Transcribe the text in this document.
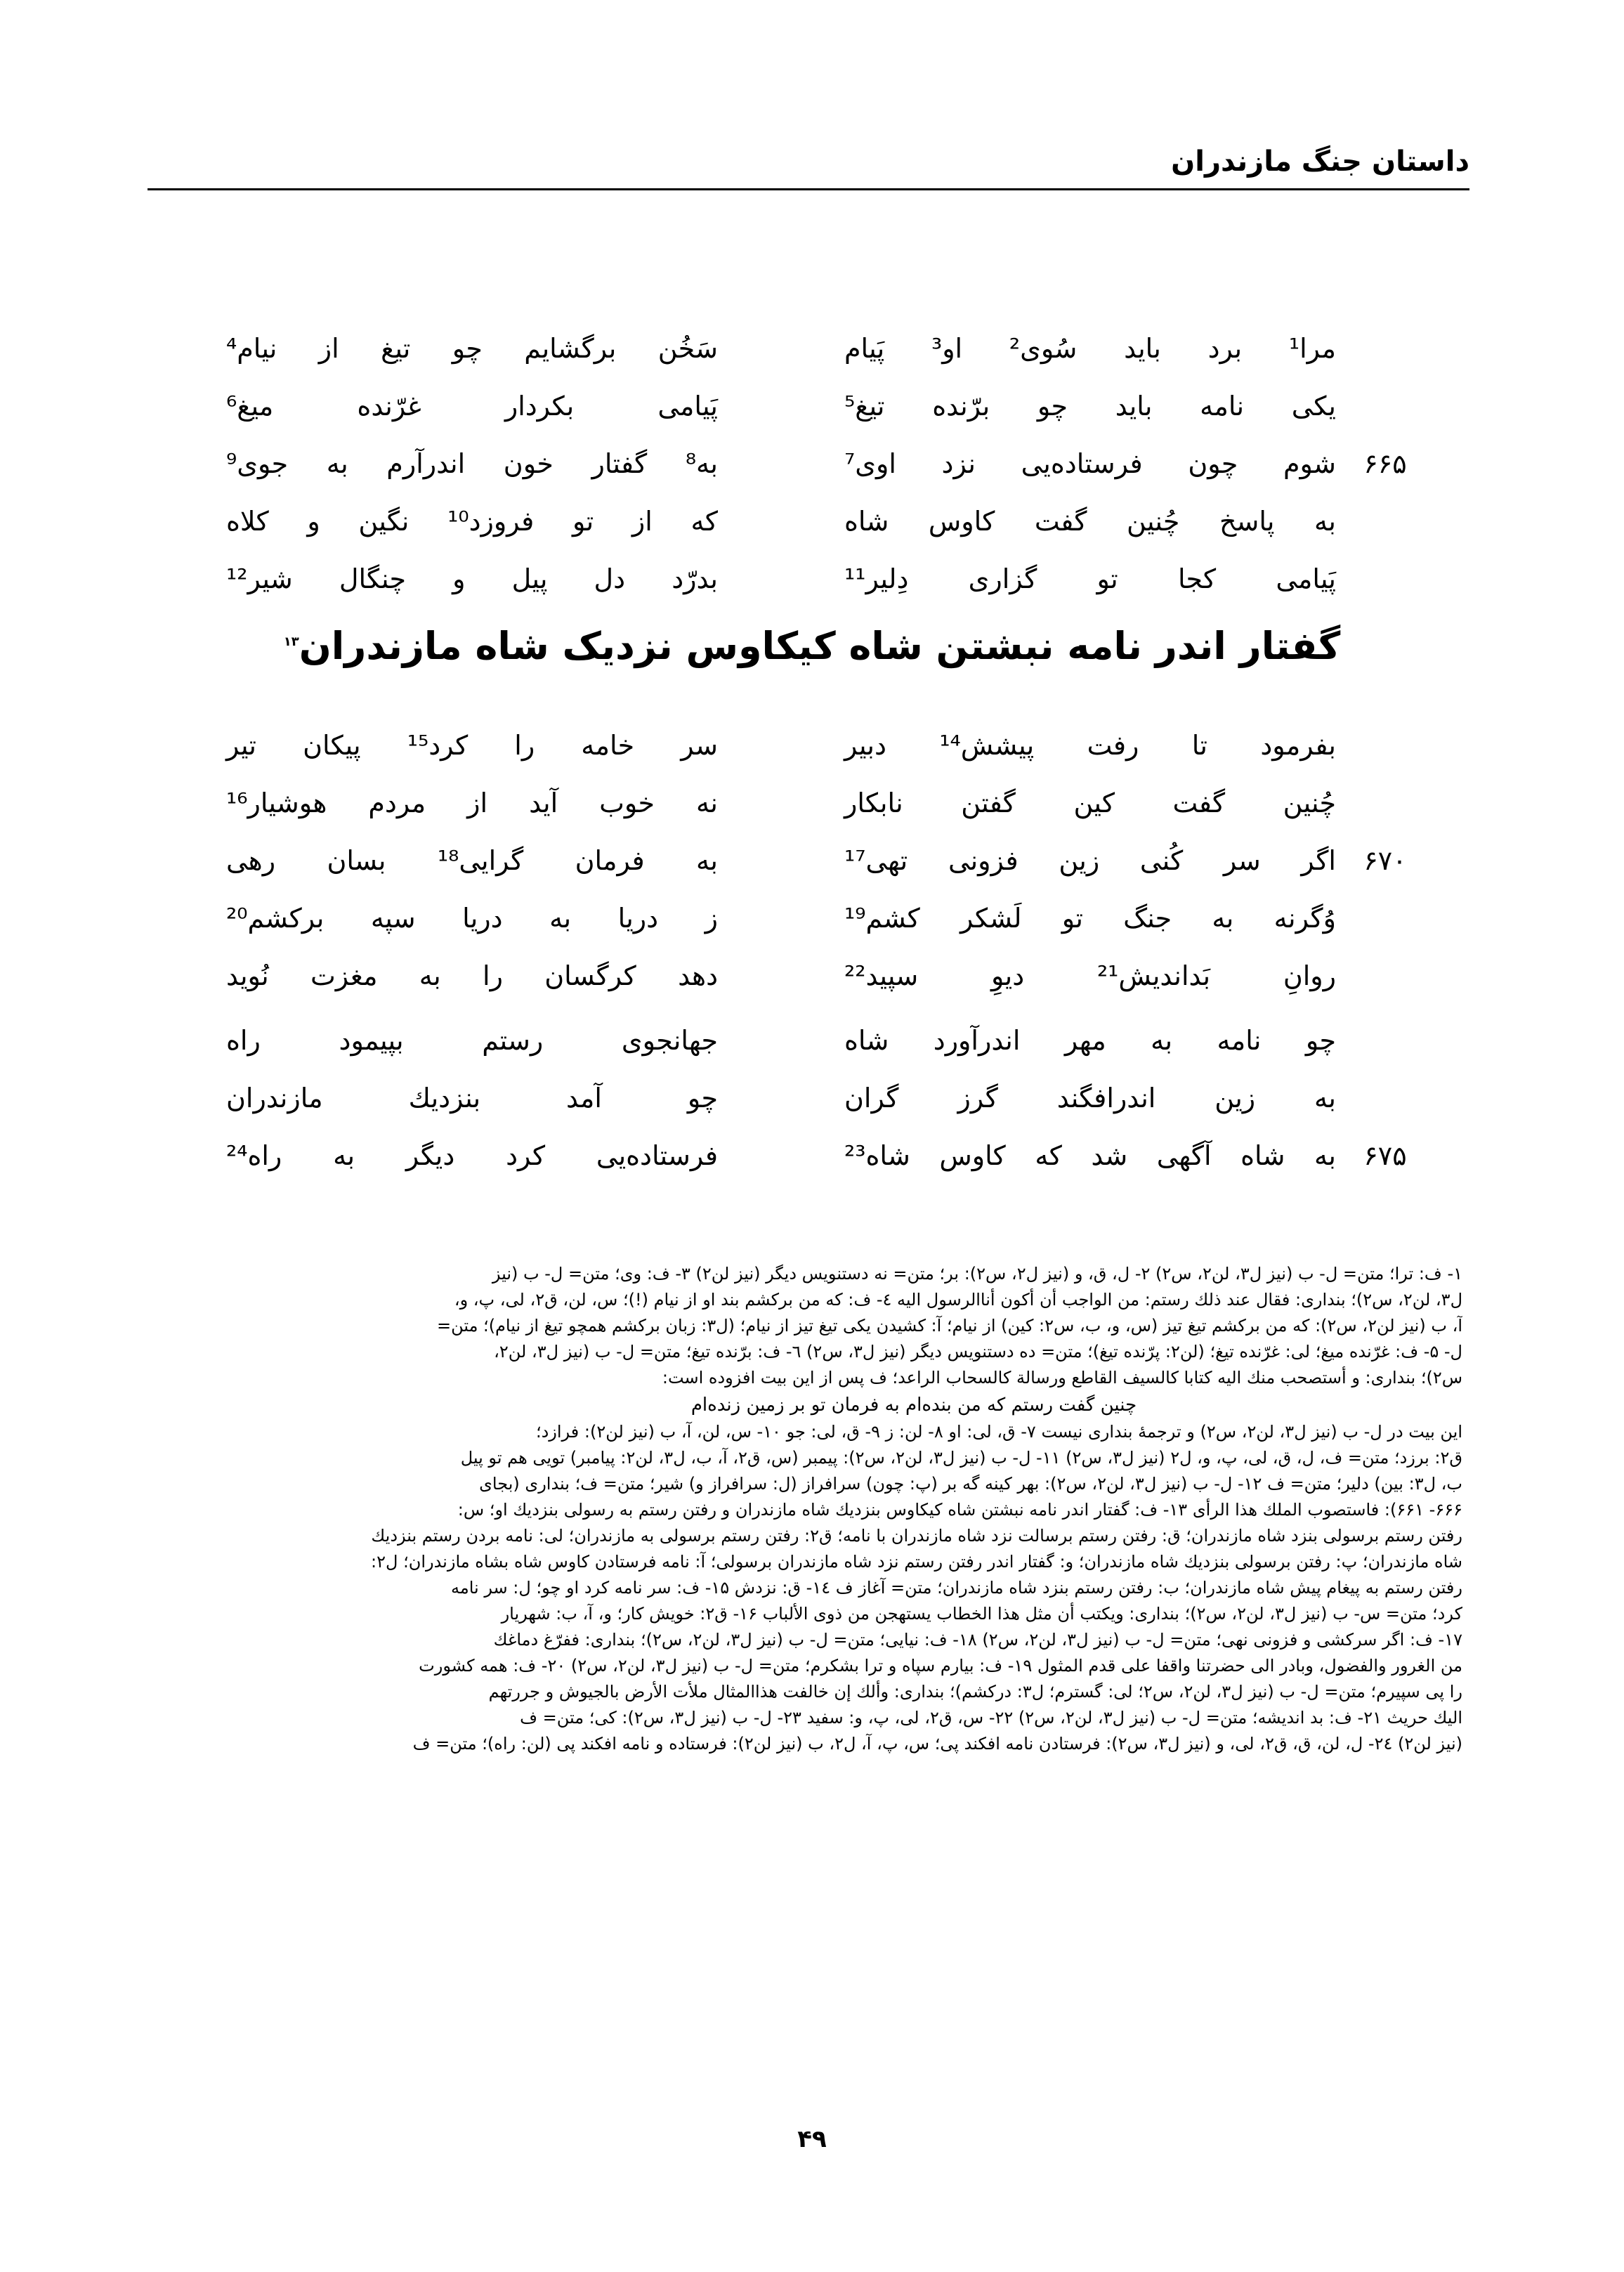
داستان جنگ مازندران
مرا¹ برد باید سُوی² او³ پَیام
سَخُن برگشایم چو تیغ از نیام⁴
یکی نامه باید چو برّنده تیغ⁵
پَیامی بکردار غرّنده میغ⁶
۶۶۵
شوم چون فرستاده‌یی نزد اوی⁷
به⁸ گفتار خون اندرآرم به جوی⁹
به پاسخ چُنین گفت کاوس شاه
که از تو فروزد¹⁰ نگین و کلاه
پَیامی کجا تو گزاری دِلیر¹¹
بدرّد دل پیل و چنگال شیر¹²
گفتار اندر نامه نبشتن شاه کیکاوس نزدیک شاه مازندران$^{۱۳}$
بفرمود تا رفت پیشش¹⁴ دبیر
سر خامه را کرد¹⁵ پیکان تیر
چُنین گفت کین گفتن نابکار
نه خوب آید از مردم هوشیار¹⁶
۶۷۰
اگر سر کُنی زین فزونی تهی¹⁷
به فرمان گرایی¹⁸ بسان رهی
وُگرنه به جنگ تو لَشکر کشم¹⁹
ز دریا به دریا سپه برکشم²⁰
روانِ بَداندیش²¹ دیوِ سپید²²
دهد کرگسان را به مغزت نُوید
چو نامه به مهر اندرآورد شاه
جهانجوی رستم بپیمود راه
به زین اندرافگند گرز گران
چو آمد بنزدیك مازندران
۶۷۵
به شاه آگهی شد که کاوس شاه²³
فرستاده‌یی کرد دیگر به راه²⁴
١- ف: ترا؛ متن= ل- ب (نیز ل۳، لن۲، س۲) ۲- ل، ق، و (نیز ل۲، س۲): بر؛ متن= نه دستنویس دیگر (نیز لن۲) ۳- ف: وی؛ متن= ل- ب (نیز
ل۳، لن۲، س۲)؛ بنداری: فقال عند ذلك رستم: من الواجب أن أکون أناالرسول الیه ٤- ف: که من برکشم بند او از نیام (!)؛ س، لن، ق۲، لی، پ، و،
آ، ب (نیز لن۲، س۲): که من برکشم تیغ تیز (س، و، ب، س۲: کین) از نیام؛ آ: کشیدن یکی تیغ تیز از نیام؛ (ل۳: زبان برکشم همچو تیغ از نیام)؛ متن=
ل- ۵- ف: غرّنده میغ؛ لی: غرّنده تیغ؛ (لن۲: پرّنده تیغ)؛ متن= ده دستنویس دیگر (نیز ل۳، س۲) ٦- ف: برّنده تیغ؛ متن= ل- ب (نیز ل۳، لن۲،
س۲)؛ بنداری: و أستصحب منك الیه کتابا کالسیف القاطع ورسالة کالسحاب الراعد؛ ف پس از این بیت افزوده است:
چنین گفت رستم که من بنده‌ام به فرمان تو بر زمین زنده‌ام
این بیت در ل- ب (نیز ل۳، لن۲، س۲) و ترجمهٔ بنداری نیست ۷- ق، لی: او ۸- لن: ز ۹- ق، لی: جو ۱۰- س، لن، آ، ب (نیز لن۲): فرازد؛
ق۲: برزد؛ متن= ف، ل، ق، لی، پ، و، ل۲ (نیز ل۳، س۲) ۱۱- ل- ب (نیز ل۳، لن۲، س۲): پیمبر (س، ق۲، آ، ب، ل۳، لن۲: پیامبر) تویی هم تو پیل
ب، ل۳: بین) دلیر؛ متن= ف ۱۲- ل- ب (نیز ل۳، لن۲، س۲): بهر کینه گه بر (پ: چون) سرافراز (ل: سرافراز و) شیر؛ متن= ف؛ بنداری (بجای
۶۶۶- ۶۶۱): فاستصوب الملك هذا الرأی ۱۳- ف: گفتار اندر نامه نبشتن شاه کیکاوس بنزدیك شاه مازندران و رفتن رستم به رسولی بنزدیك او؛ س:
رفتن رستم برسولی بنزد شاه مازندران؛ ق: رفتن رستم برسالت نزد شاه مازندران با نامه؛ ق۲: رفتن رستم برسولی به مازندران؛ لی: نامه بردن رستم بنزدیك
شاه مازندران؛ پ: رفتن برسولی بنزدیك شاه مازندران؛ و: گفتار اندر رفتن رستم نزد شاه مازندران برسولی؛ آ: نامه فرستادن کاوس شاه بشاه مازندران؛ ل۲:
رفتن رستم به پیغام پیش شاه مازندران؛ ب: رفتن رستم بنزد شاه مازندران؛ متن= آغاز ف ١٤- ق: نزدش ۱۵- ف: سر نامه کرد او چو؛ ل: سر نامه
کرد؛ متن= س- ب (نیز ل۳، لن۲، س۲)؛ بنداری: ویکتب أن مثل هذا الخطاب یستهجن من ذوی الألباب ۱۶- ق۲: خویش کار؛ و، آ، ب: شهریار
۱۷- ف: اگر سرکشی و فزونی نهی؛ متن= ل- ب (نیز ل۳، لن۲، س۲) ۱۸- ف: نیایی؛ متن= ل- ب (نیز ل۳، لن۲، س۲)؛ بنداری: ففرّغ دماغك
من الغرور والفضول، وبادر الی حضرتنا واقفا علی قدم المثول ۱۹- ف: بیارم سپاه و ترا بشکرم؛ متن= ل- ب (نیز ل۳، لن۲، س۲) ۲۰- ف: همه کشورت
را پی سپیرم؛ متن= ل- ب (نیز ل۳، لن۲، س۲؛ لی: گسترم؛ ل۳: درکشم)؛ بنداری: وألك إن خالفت هذاالمثال ملأت الأرض بالجیوش و جررتهم
الیك حریث ۲۱- ف: بد اندیشه؛ متن= ل- ب (نیز ل۳، لن۲، س۲) ۲۲- س، ق۲، لی، پ، و: سفید ۲۳- ل- ب (نیز ل۳، س۲): کی؛ متن= ف
(نیز لن۲) ۲٤- ل، لن، ق، ق۲، لی، و (نیز ل۳، س۲): فرستادن نامه افکند پی؛ س، پ، آ، ل۲، ب (نیز لن۲): فرستاده و نامه افکند پی (لن: راه)؛ متن= ف
۴۹
